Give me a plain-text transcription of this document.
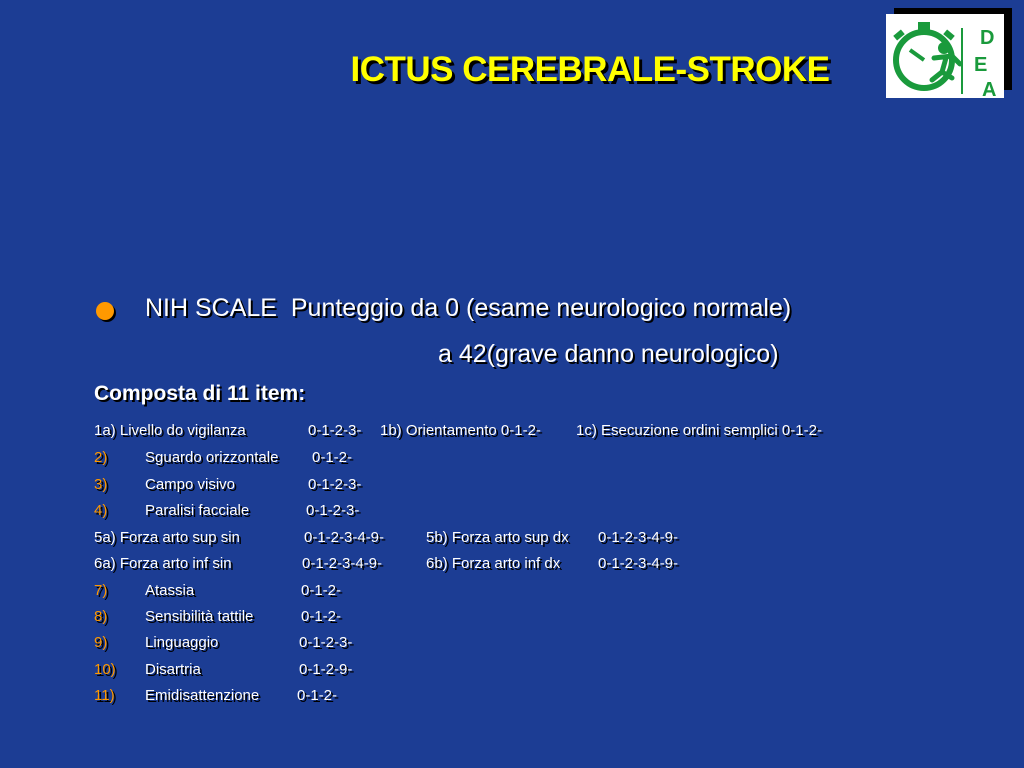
ICTUS CEREBRALE-STROKE
D
E
A
NIH SCALE  Punteggio da 0 (esame neurologico normale)
a 42(grave danno neurologico)
Composta di 11 item:
1a) Livello do vigilanza	0-1-2-3- 1b) Orientamento 0-1-2- 1c) Esecuzione ordini semplici 0-1-2-
2)	Sguardo orizzontale 0-1-2-
3)	Campo visivo	0-1-2-3-
4)	Paralisi facciale	0-1-2-3-
5a) Forza arto sup sin	0-1-2-3-4-9-	5b) Forza arto sup dx 0-1-2-3-4-9-
6a) Forza arto inf sin	0-1-2-3-4-9-	6b) Forza arto inf dx	0-1-2-3-4-9-
7)	Atassia	0-1-2-
8)	Sensibilità tattile	0-1-2-
9)	Linguaggio	0-1-2-3-
10) Disartria	0-1-2-9-
11) Emidisattenzione	0-1-2-
